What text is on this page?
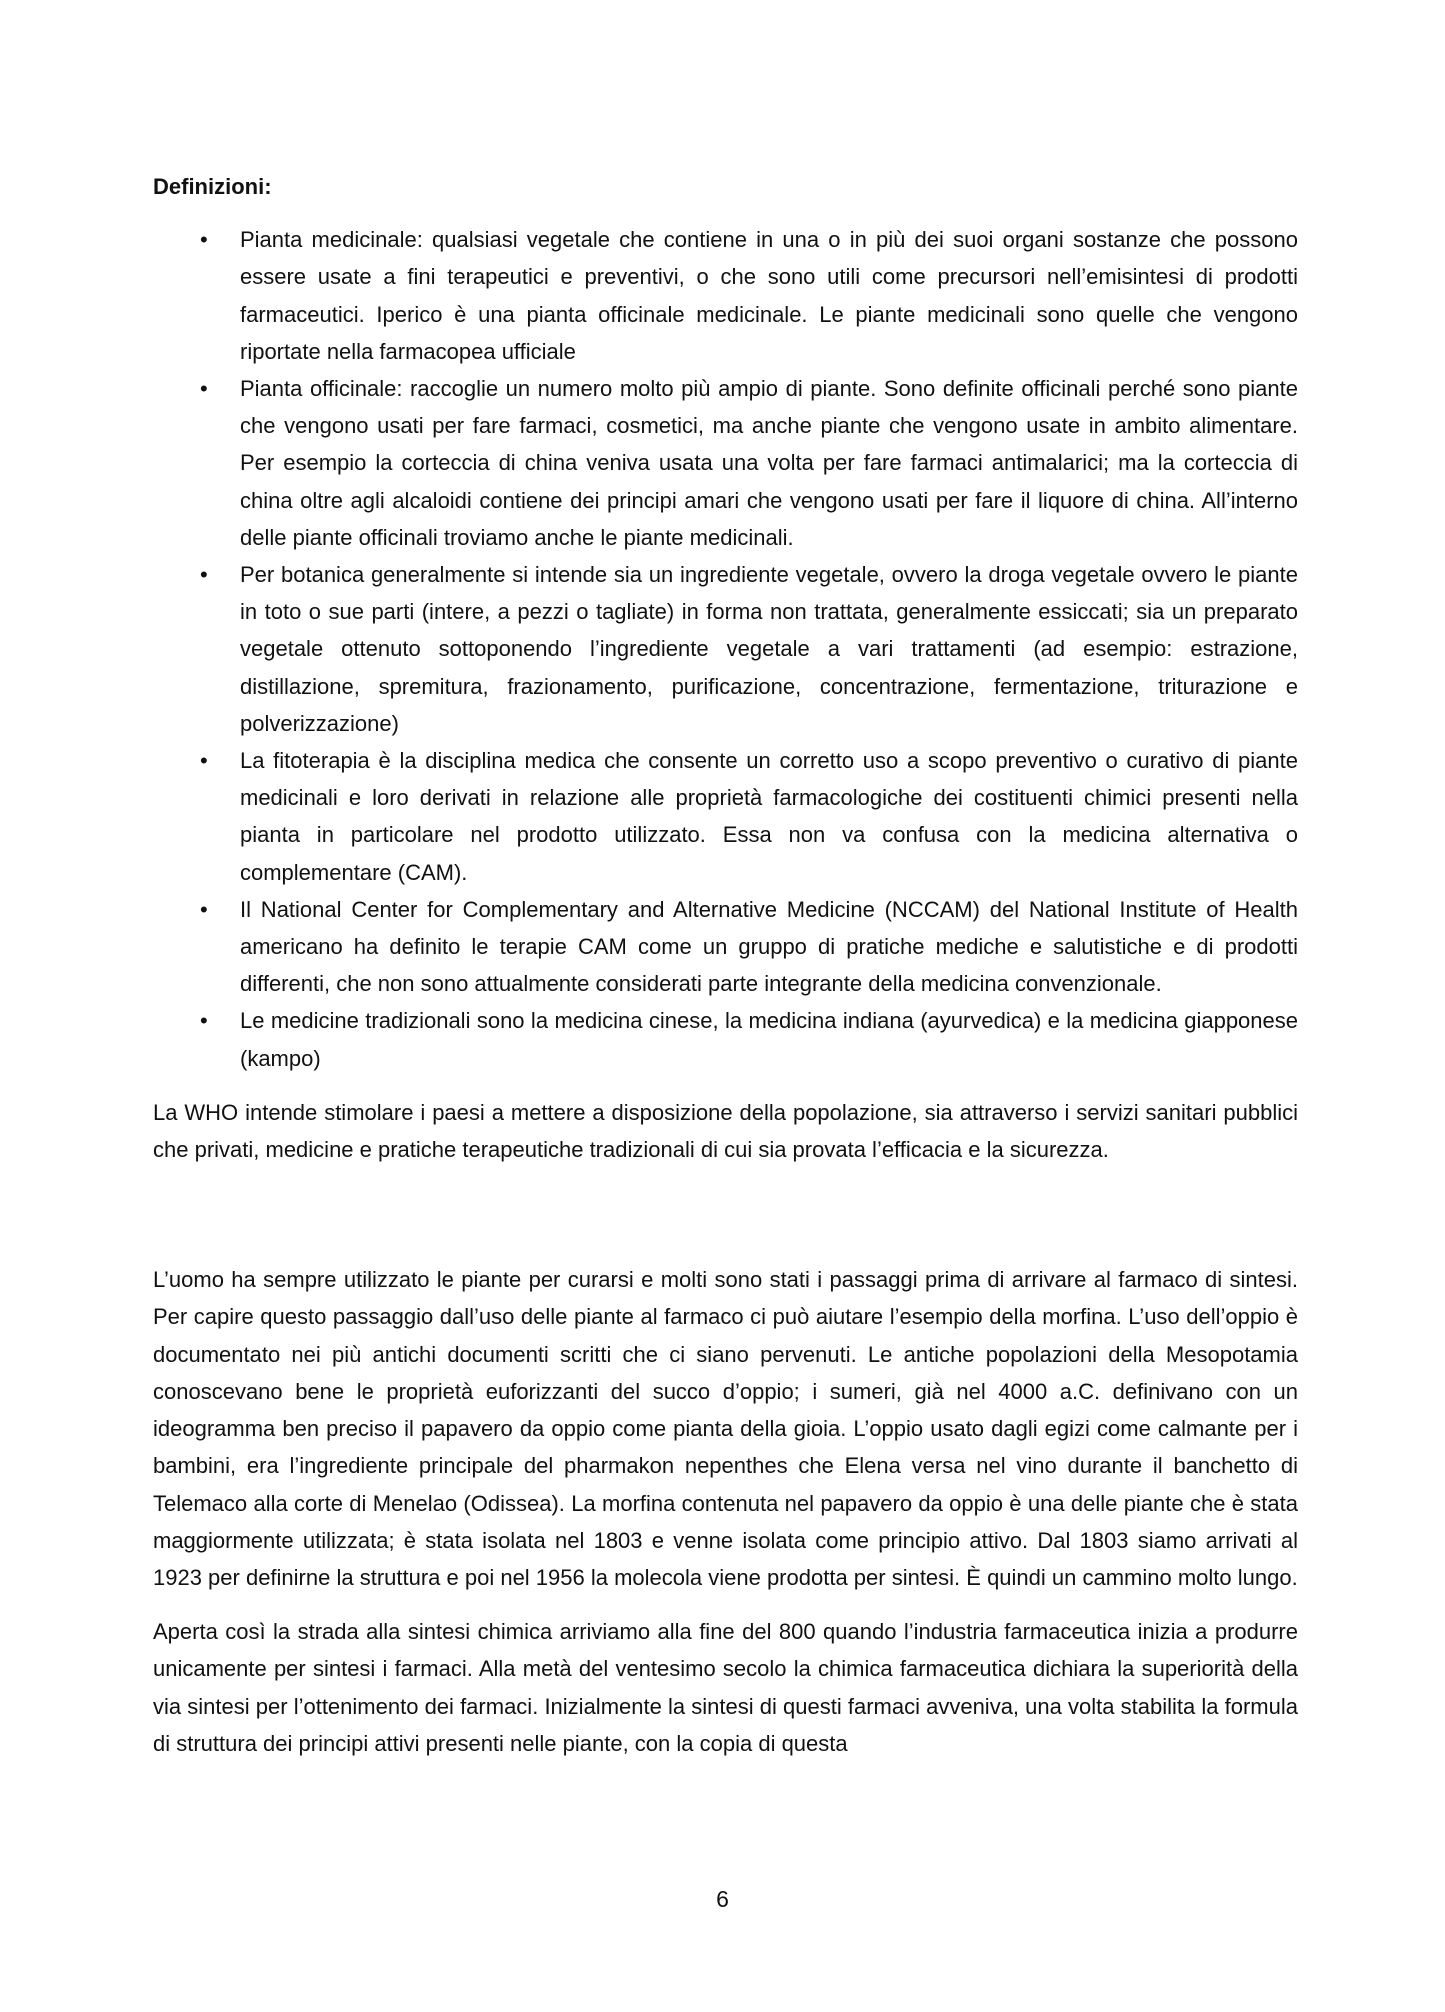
Definizioni:
• Pianta medicinale: qualsiasi vegetale che contiene in una o in più dei suoi organi sostanze che possono essere usate a fini terapeutici e preventivi, o che sono utili come precursori nell’emisintesi di prodotti farmaceutici. Iperico è una pianta officinale medicinale. Le piante medicinali sono quelle che vengono riportate nella farmacopea ufficiale
• Pianta officinale: raccoglie un numero molto più ampio di piante. Sono definite officinali perché sono piante che vengono usati per fare farmaci, cosmetici, ma anche piante che vengono usate in ambito alimentare. Per esempio la corteccia di china veniva usata una volta per fare farmaci antimalarici; ma la corteccia di china oltre agli alcaloidi contiene dei principi amari che vengono usati per fare il liquore di china. All’interno delle piante officinali troviamo anche le piante medicinali.
• Per botanica generalmente si intende sia un ingrediente vegetale, ovvero la droga vegetale ovvero le piante in toto o sue parti (intere, a pezzi o tagliate) in forma non trattata, generalmente essiccati; sia un preparato vegetale ottenuto sottoponendo l’ingrediente vegetale a vari trattamenti (ad esempio: estrazione, distillazione, spremitura, frazionamento, purificazione, concentrazione, fermentazione, triturazione e polverizzazione)
• La fitoterapia è la disciplina medica che consente un corretto uso a scopo preventivo o curativo di piante medicinali e loro derivati in relazione alle proprietà farmacologiche dei costituenti chimici presenti nella pianta in particolare nel prodotto utilizzato. Essa non va confusa con la medicina alternativa o complementare (CAM).
• Il National Center for Complementary and Alternative Medicine (NCCAM) del National Institute of Health americano ha definito le terapie CAM come un gruppo di pratiche mediche e salutistiche e di prodotti differenti, che non sono attualmente considerati parte integrante della medicina convenzionale.
• Le medicine tradizionali sono la medicina cinese, la medicina indiana (ayurvedica) e la medicina giapponese (kampo)

La WHO intende stimolare i paesi a mettere a disposizione della popolazione, sia attraverso i servizi sanitari pubblici che privati, medicine e pratiche terapeutiche tradizionali di cui sia provata l’efficacia e la sicurezza.

L’uomo ha sempre utilizzato le piante per curarsi e molti sono stati i passaggi prima di arrivare al farmaco di sintesi. Per capire questo passaggio dall’uso delle piante al farmaco ci può aiutare l’esempio della morfina. L’uso dell’oppio è documentato nei più antichi documenti scritti che ci siano pervenuti. Le antiche popolazioni della Mesopotamia conoscevano bene le proprietà euforizzanti del succo d’oppio; i sumeri, già nel 4000 a.C. definivano con un ideogramma ben preciso il papavero da oppio come pianta della gioia. L’oppio usato dagli egizi come calmante per i bambini, era l’ingrediente principale del pharmakon nepenthes che Elena versa nel vino durante il banchetto di Telemaco alla corte di Menelao (Odissea). La morfina contenuta nel papavero da oppio è una delle piante che è stata maggiormente utilizzata; è stata isolata nel 1803 e venne isolata come principio attivo. Dal 1803 siamo arrivati al 1923 per definirne la struttura e poi nel 1956 la molecola viene prodotta per sintesi. È quindi un cammino molto lungo.

Aperta così la strada alla sintesi chimica arriviamo alla fine del 800 quando l’industria farmaceutica inizia a produrre unicamente per sintesi i farmaci. Alla metà del ventesimo secolo la chimica farmaceutica dichiara la superiorità della via sintesi per l’ottenimento dei farmaci. Inizialmente la sintesi di questi farmaci avveniva, una volta stabilita la formula di struttura dei principi attivi presenti nelle piante, con la copia di questa

6
